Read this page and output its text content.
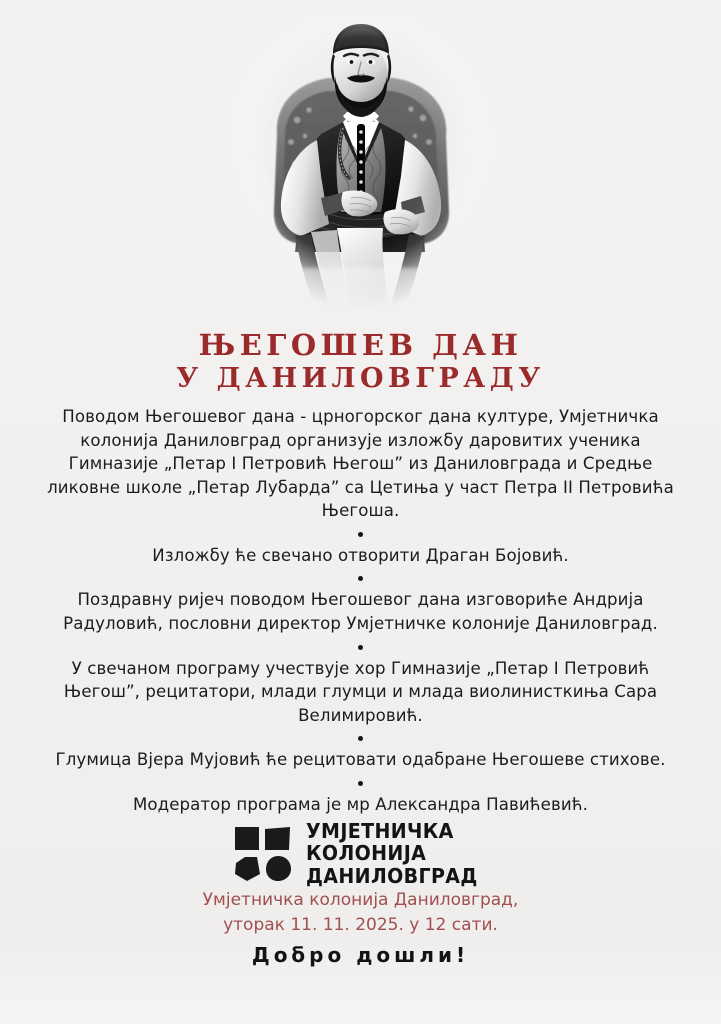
ЊЕГОШЕВ ДАН
У ДАНИЛОВГРАДУ

Поводом Његошевог дана - црногорског дана културе, Умјетничка колонија Даниловград организује изложбу даровитих ученика Гимназије „Петар I Петровић Његош” из Даниловграда и Средње ликовне школе „Петар Лубарда” са Цетиња у част Петра II Петровића Његоша.

Изложбу ће свечано отворити Драган Бојовић.

Поздравну ријеч поводом Његошевог дана изговориће Андрија Радуловић, пословни директор Умјетничке колоније Даниловград.

У свечаном програму учествује хор Гимназије „Петар I Петровић Његош”, рецитатори, млади глумци и млада виолинисткиња Сара Велимировић.

Глумица Вјера Мујовић ће рецитовати одабране Његошеве стихове.

Модератор програма је мр Александра Павићевић.

УМЈЕТНИЧКА
КОЛОНИЈА
ДАНИЛОВГРАД
Умјетничка колонија Даниловград,
уторак 11. 11. 2025. у 12 сати.
Добро дошли!
